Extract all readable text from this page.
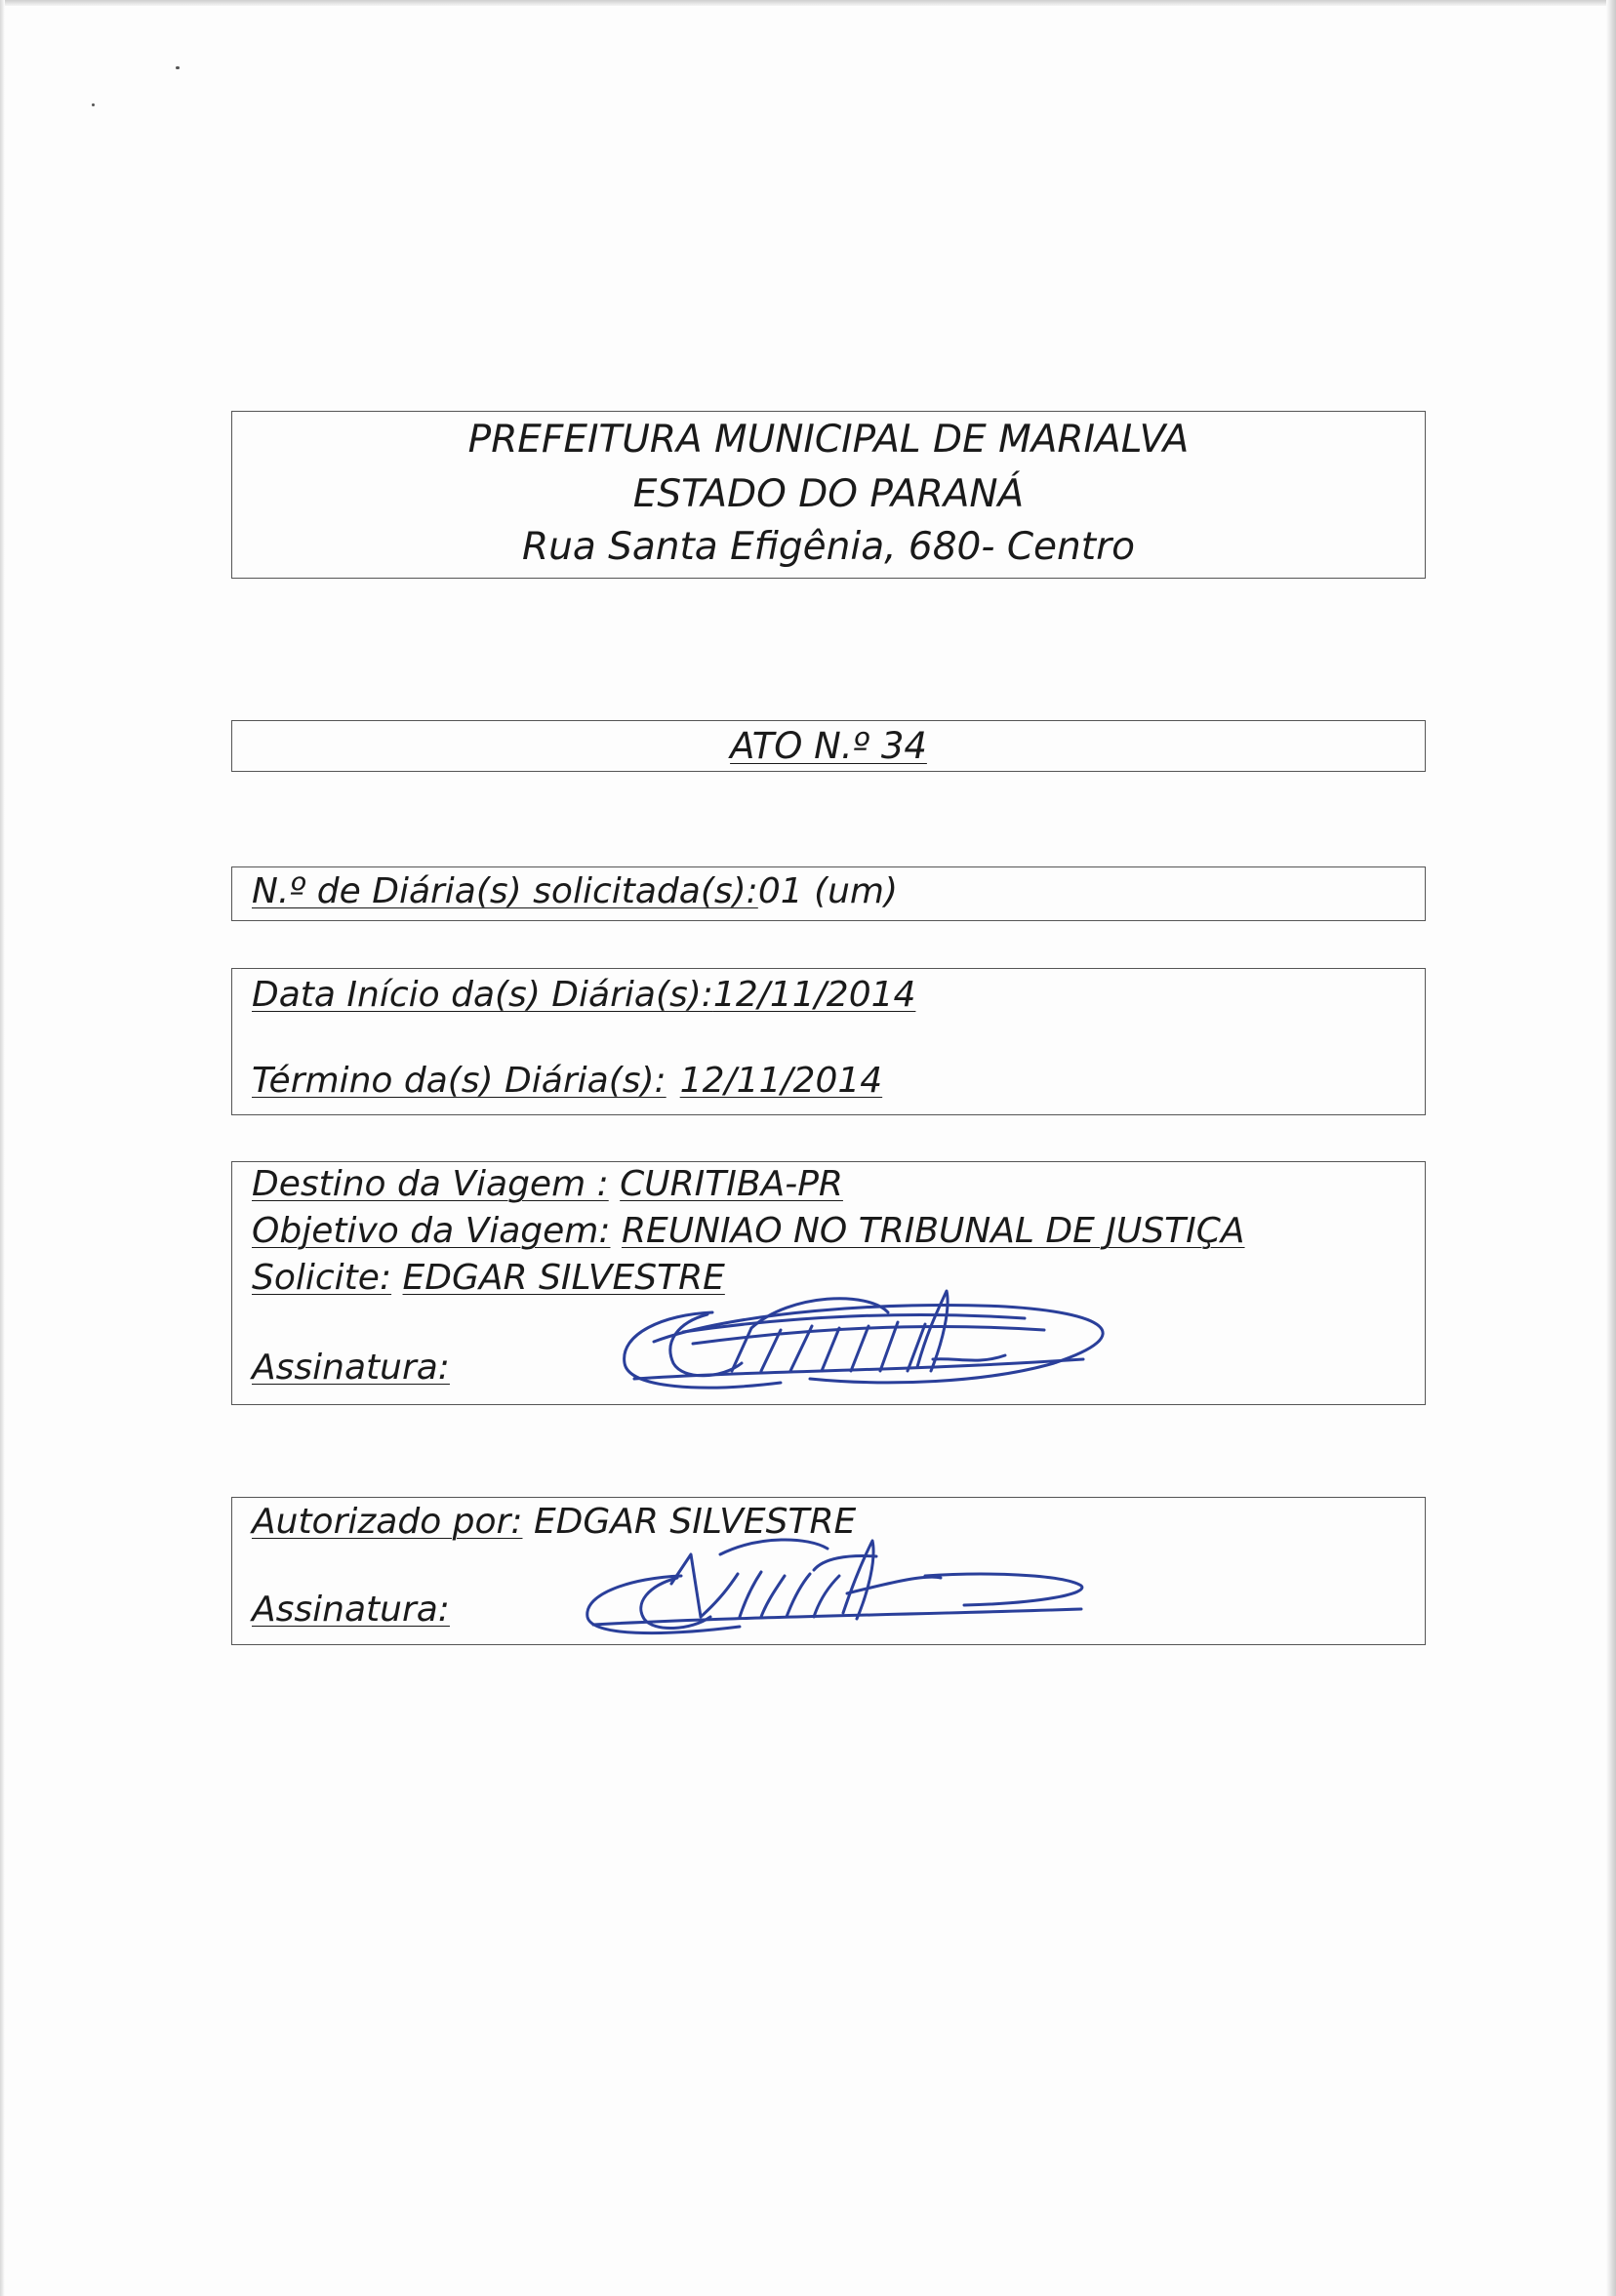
PREFEITURA MUNICIPAL DE MARIALVA
ESTADO DO PARANÁ
Rua Santa Efigênia, 680- Centro
ATO N.º 34
N.º de Diária(s) solicitada(s):01 (um)
Data Início da(s) Diária(s):12/11/2014
Término da(s) Diária(s): 12/11/2014
Destino da Viagem : CURITIBA-PR
Objetivo da Viagem: REUNIAO NO TRIBUNAL DE JUSTIÇA
Solicite: EDGAR SILVESTRE
Assinatura:
Autorizado por: EDGAR SILVESTRE
Assinatura:
